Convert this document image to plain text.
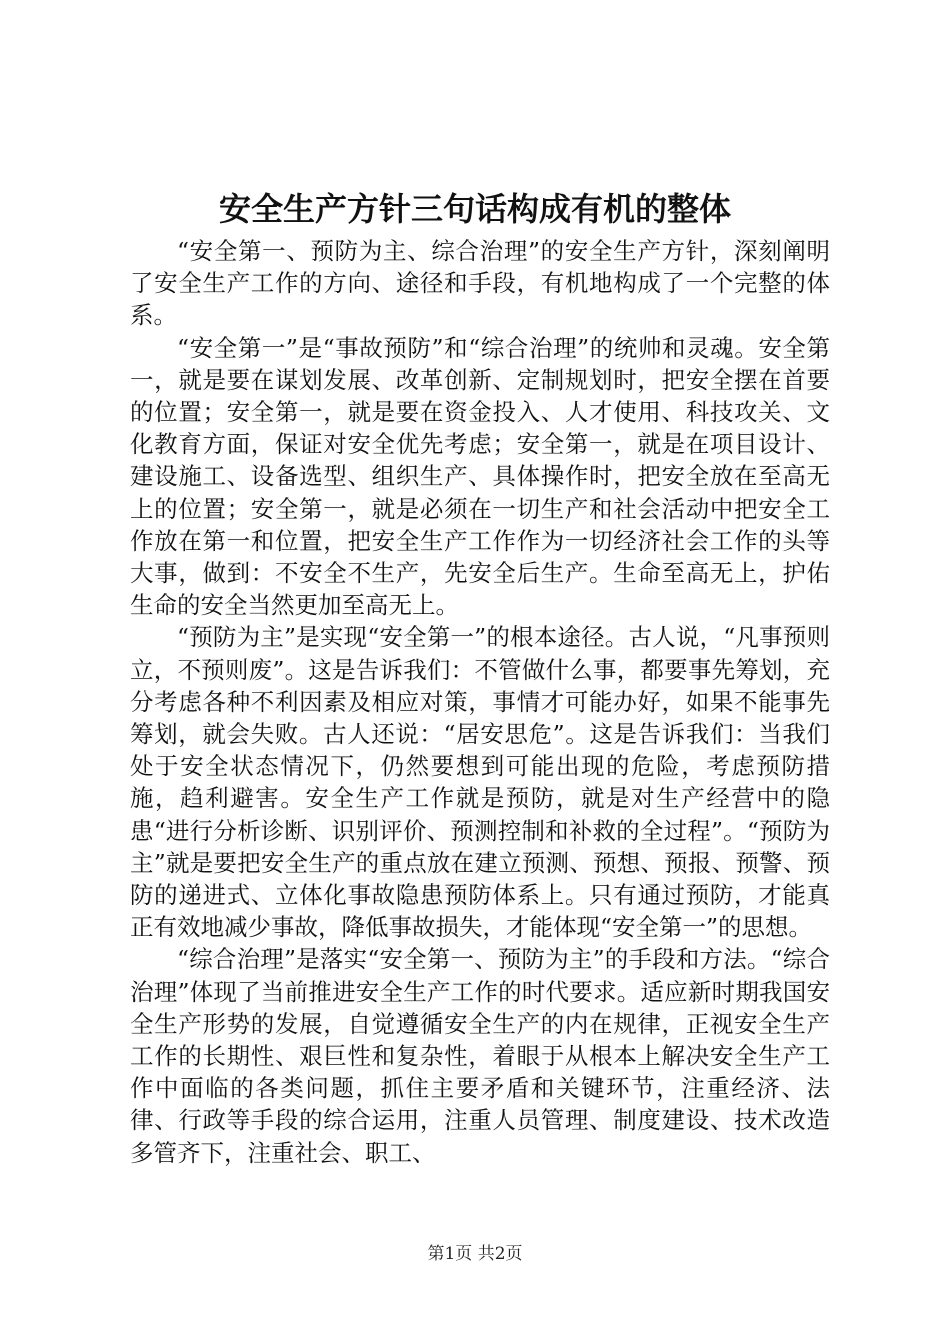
安全生产方针三句话构成有机的整体

“安全第一、预防为主、综合治理”的安全生产方针，深刻阐明了安全生产工作的方向、途径和手段，有机地构成了一个完整的体系。

“安全第一”是“事故预防”和“综合治理”的统帅和灵魂。安全第一，就是要在谋划发展、改革创新、定制规划时，把安全摆在首要的位置；安全第一，就是要在资金投入、人才使用、科技攻关、文化教育方面，保证对安全优先考虑；安全第一，就是在项目设计、建设施工、设备选型、组织生产、具体操作时，把安全放在至高无上的位置；安全第一，就是必须在一切生产和社会活动中把安全工作放在第一和位置，把安全生产工作作为一切经济社会工作的头等大事，做到：不安全不生产，先安全后生产。生命至高无上，护佑生命的安全当然更加至高无上。

“预防为主”是实现“安全第一”的根本途径。古人说，“凡事预则立，不预则废”。这是告诉我们：不管做什么事，都要事先筹划，充分考虑各种不利因素及相应对策，事情才可能办好，如果不能事先筹划，就会失败。古人还说：“居安思危”。这是告诉我们：当我们处于安全状态情况下，仍然要想到可能出现的危险，考虑预防措施，趋利避害。安全生产工作就是预防，就是对生产经营中的隐患“进行分析诊断、识别评价、预测控制和补救的全过程”。“预防为主”就是要把安全生产的重点放在建立预测、预想、预报、预警、预防的递进式、立体化事故隐患预防体系上。只有通过预防，才能真正有效地减少事故，降低事故损失，才能体现“安全第一”的思想。

“综合治理”是落实“安全第一、预防为主”的手段和方法。“综合治理”体现了当前推进安全生产工作的时代要求。适应新时期我国安全生产形势的发展，自觉遵循安全生产的内在规律，正视安全生产工作的长期性、艰巨性和复杂性，着眼于从根本上解决安全生产工作中面临的各类问题，抓住主要矛盾和关键环节，注重经济、法律、行政等手段的综合运用，注重人员管理、制度建设、技术改造多管齐下，注重社会、职工、

第1页 共2页
